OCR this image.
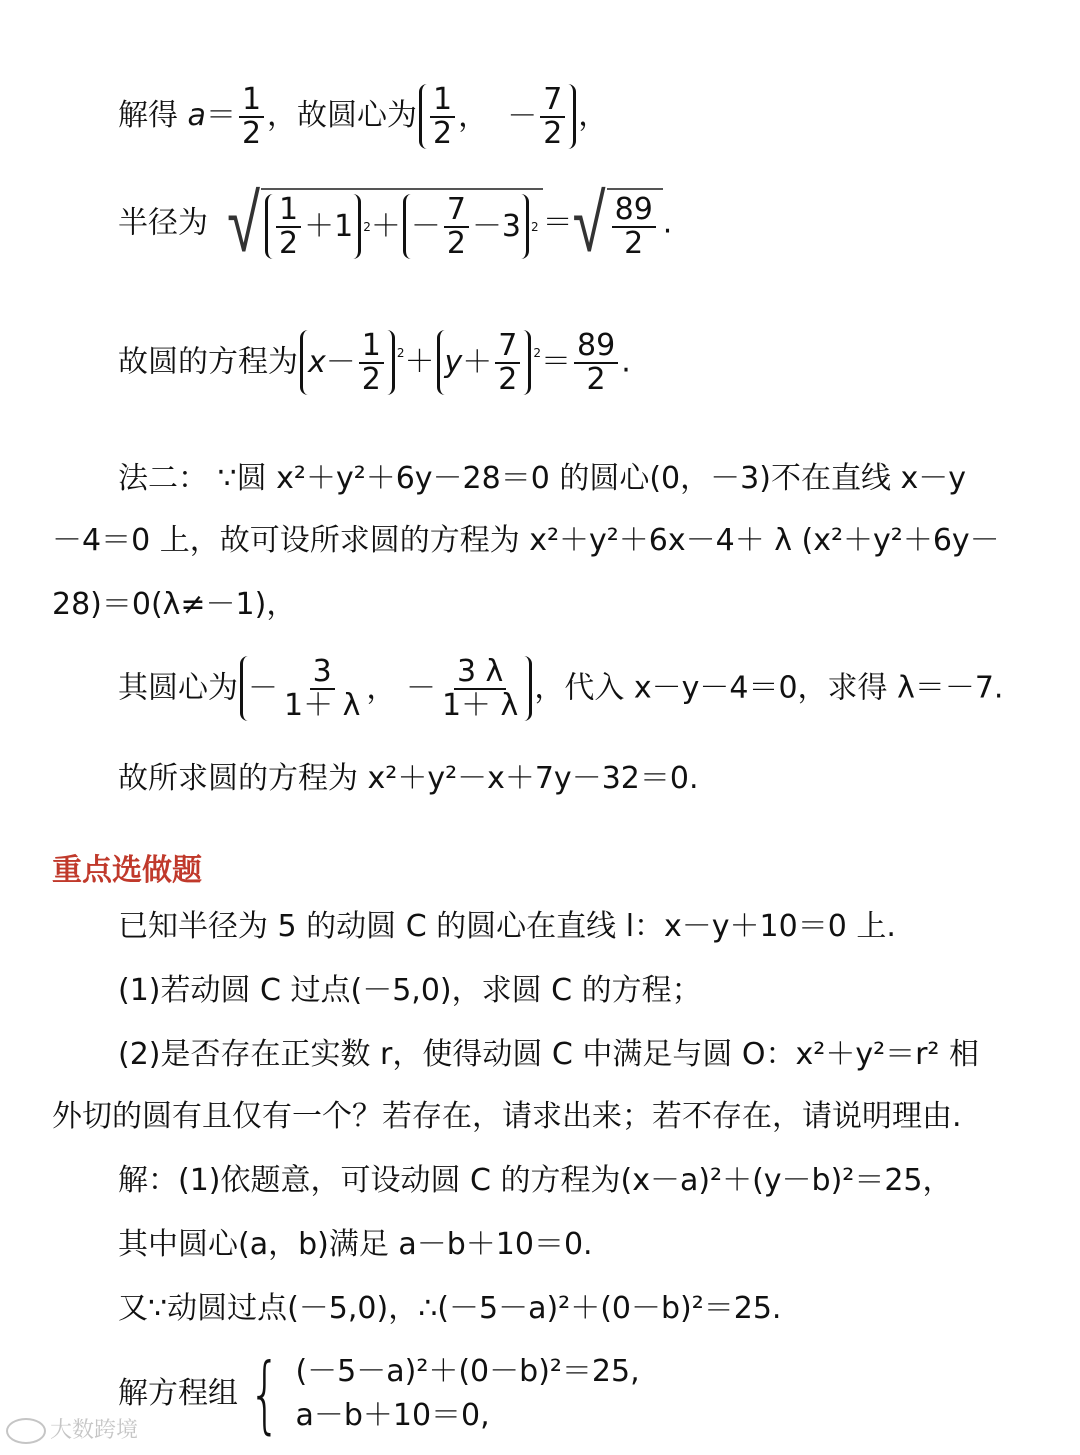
解得 $a= \frac{1}{2}$ ，故圆心为 $\frac{1}{2}$ ，
－ $\frac{7}{2}$ ，
半径为 √ $\frac{1}{2} +1$ 2 ＋ － $\frac{7}{2} -3$ 2 ＝ √ $\frac{89}{2}$ .
故圆的方程为 $x - \frac{1}{2} ^2+ y + \frac{7}{2} ^2= \frac{89}{2}$ .
法二： ∵圆 x²＋y²＋6y－28＝0 的圆心(0，－3)不在直线 x－y
－4＝0 上，故可设所求圆的方程为 x²＋y²＋6x－4＋ λ (x²＋y²＋6y－
28)＝0(λ≠－1)，
其圆心为 － $\frac{3}{1+ \lambda}$ ，
－ $\frac{3 \lambda}{1+ \lambda}$ ，代入 x－y－4＝0，求得 λ＝－7.
故所求圆的方程为 x²＋y²－x＋7y－32＝0.
重点选做题
已知半径为 5 的动圆 C 的圆心在直线 l：x－y＋10＝0 上.
(1)若动圆 C 过点(－5,0)，求圆 C 的方程；
(2)是否存在正实数 r，使得动圆 C 中满足与圆 O：x²＋y²＝r² 相
外切的圆有且仅有一个？若存在，请求出来；若不存在，请说明理由.
解：(1)依题意，可设动圆 C 的方程为(x－a)²＋(y－b)²＝25，
其中圆心(a，b)满足 a－b＋10＝0.
又∵动圆过点(－5,0)，∴(－5－a)²＋(0－b)²＝25.
解方程组 { (－5－a)²＋(0－b)²＝25,
a－b＋10＝0,
大数跨境
